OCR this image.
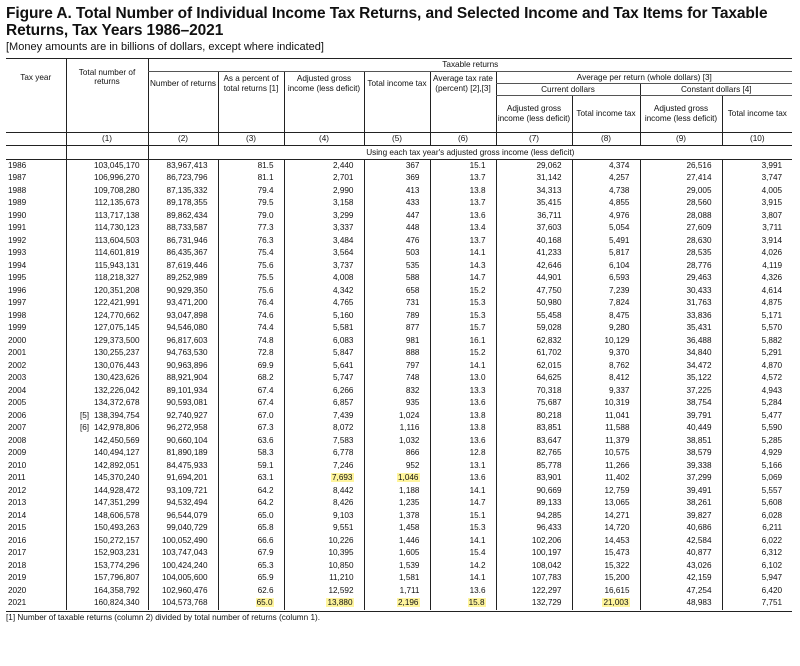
Figure A. Total Number of Individual Income Tax Returns, and Selected Income and Tax Items for Taxable Returns, Tax Years 1986–2021
[Money amounts are in billions of dollars, except where indicated]
Tax year	Total number of returns	Taxable returns								
		Number of returns	As a percent of total returns [1]	Adjusted gross income (less deficit)	Total income tax	Average tax rate (percent) [2],[3]	Average per return (whole dollars) [3]			
							Current dollars		Constant dollars [4]	
							Adjusted gross income (less deficit)	Total income tax	Adjusted gross income (less deficit)	Total income tax
	(1)	(2)	(3)	(4)	(5)	(6)	(7)	(8)	(9)	(10)
		Using each tax year's adjusted gross income (less deficit)								
1986	103,045,170	83,967,413	81.5	2,440	367	15.1	29,062	4,374	26,516	3,991
1987	106,996,270	86,723,796	81.1	2,701	369	13.7	31,142	4,257	27,414	3,747
1988	109,708,280	87,135,332	79.4	2,990	413	13.8	34,313	4,738	29,005	4,005
1989	112,135,673	89,178,355	79.5	3,158	433	13.7	35,415	4,855	28,560	3,915
1990	113,717,138	89,862,434	79.0	3,299	447	13.6	36,711	4,976	28,088	3,807
1991	114,730,123	88,733,587	77.3	3,337	448	13.4	37,603	5,054	27,609	3,711
1992	113,604,503	86,731,946	76.3	3,484	476	13.7	40,168	5,491	28,630	3,914
1993	114,601,819	86,435,367	75.4	3,564	503	14.1	41,233	5,817	28,535	4,026
1994	115,943,131	87,619,446	75.6	3,737	535	14.3	42,646	6,104	28,776	4,119
1995	118,218,327	89,252,989	75.5	4,008	588	14.7	44,901	6,593	29,463	4,326
1996	120,351,208	90,929,350	75.6	4,342	658	15.2	47,750	7,239	30,433	4,614
1997	122,421,991	93,471,200	76.4	4,765	731	15.3	50,980	7,824	31,763	4,875
1998	124,770,662	93,047,898	74.6	5,160	789	15.3	55,458	8,475	33,836	5,171
1999	127,075,145	94,546,080	74.4	5,581	877	15.7	59,028	9,280	35,431	5,570
2000	129,373,500	96,817,603	74.8	6,083	981	16.1	62,832	10,129	36,488	5,882
2001	130,255,237	94,763,530	72.8	5,847	888	15.2	61,702	9,370	34,840	5,291
2002	130,076,443	90,963,896	69.9	5,641	797	14.1	62,015	8,762	34,472	4,870
2003	130,423,626	88,921,904	68.2	5,747	748	13.0	64,625	8,412	35,122	4,572
2004	132,226,042	89,101,934	67.4	6,266	832	13.3	70,318	9,337	37,225	4,943
2005	134,372,678	90,593,081	67.4	6,857	935	13.6	75,687	10,319	38,754	5,284
2006	[5] 138,394,754	92,740,927	67.0	7,439	1,024	13.8	80,218	11,041	39,791	5,477
2007	[6] 142,978,806	96,272,958	67.3	8,072	1,116	13.8	83,851	11,588	40,449	5,590
2008	142,450,569	90,660,104	63.6	7,583	1,032	13.6	83,647	11,379	38,851	5,285
2009	140,494,127	81,890,189	58.3	6,778	866	12.8	82,765	10,575	38,579	4,929
2010	142,892,051	84,475,933	59.1	7,246	952	13.1	85,778	11,266	39,338	5,166
2011	145,370,240	91,694,201	63.1	7,693	1,046	13.6	83,901	11,402	37,299	5,069
2012	144,928,472	93,109,721	64.2	8,442	1,188	14.1	90,669	12,759	39,491	5,557
2013	147,351,299	94,532,494	64.2	8,426	1,235	14.7	89,133	13,065	38,261	5,608
2014	148,606,578	96,544,079	65.0	9,103	1,378	15.1	94,285	14,271	39,827	6,028
2015	150,493,263	99,040,729	65.8	9,551	1,458	15.3	96,433	14,720	40,686	6,211
2016	150,272,157	100,052,490	66.6	10,226	1,446	14.1	102,206	14,453	42,584	6,022
2017	152,903,231	103,747,043	67.9	10,395	1,605	15.4	100,197	15,473	40,877	6,312
2018	153,774,296	100,424,240	65.3	10,850	1,539	14.2	108,042	15,322	43,026	6,102
2019	157,796,807	104,005,600	65.9	11,210	1,581	14.1	107,783	15,200	42,159	5,947
2020	164,358,792	102,960,476	62.6	12,592	1,711	13.6	122,297	16,615	47,254	6,420
2021	160,824,340	104,573,768	65.0	13,880	2,196	15.8	132,729	21,003	48,983	7,751
[1] Number of taxable returns (column 2) divided by total number of returns (column 1).
